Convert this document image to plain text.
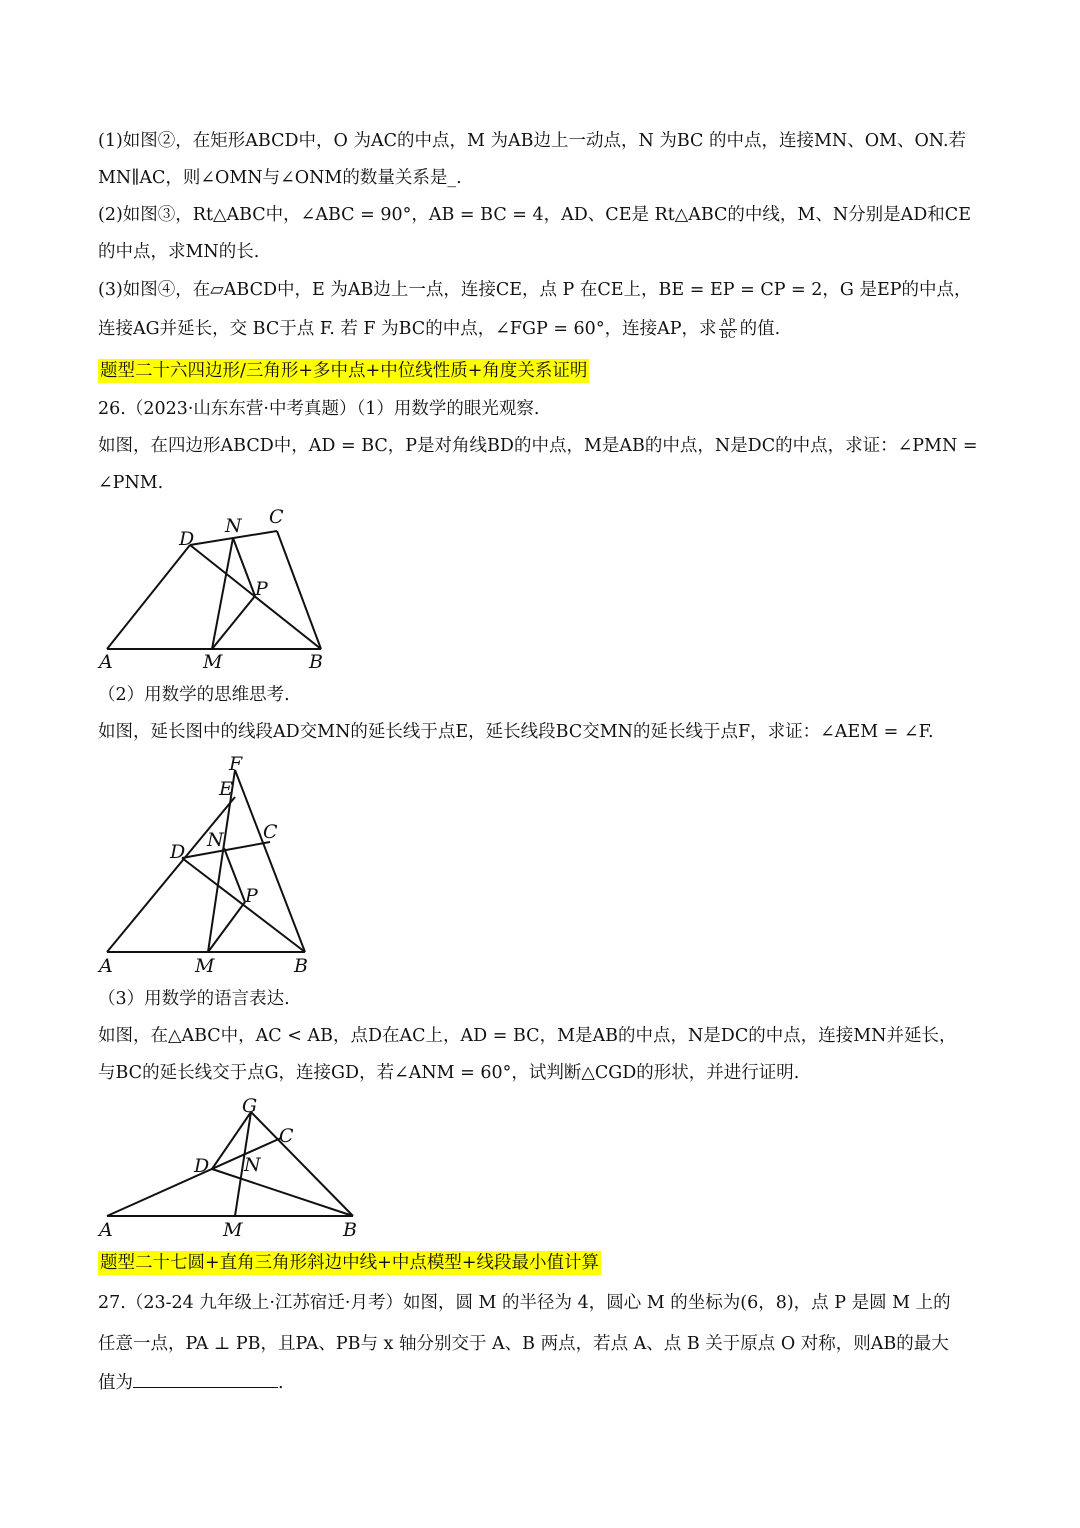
(1)如图②，在矩形ABCD中，O 为AC的中点，M 为AB边上一动点，N 为BC 的中点，连接MN、OM、ON.若
MN∥AC，则∠OMN与∠ONM的数量关系是_.
(2)如图③，Rt△ABC中，∠ABC = 90°，AB = BC = 4，AD、CE是 Rt△ABC的中线，M、N分别是AD和CE
的中点，求MN的长.
(3)如图④，在▱ABCD中，E 为AB边上一点，连接CE，点 P 在CE上，BE = EP = CP = 2，G 是EP的中点，
连接AG并延长，交 BC于点 F. 若 F 为BC的中点，∠FGP = 60°，连接AP，求 $\frac{AP}{BC}$ 的值.
题型二十六四边形/三角形+多中点+中位线性质+角度关系证明
26.（2023·山东东营·中考真题）（1）用数学的眼光观察.
如图，在四边形ABCD中，AD = BC，P是对角线BD的中点，M是AB的中点，N是DC的中点，求证：∠PMN =
∠PNM.
A	M	B
D
N C
P
（2）用数学的思维思考.
如图，延长图中的线段AD交MN的延长线于点E，延长线段BC交MN的延长线于点F，求证：∠AEM = ∠F.
F
E
C
D
N
P
A	M	B
（3）用数学的语言表达.
如图，在△ABC中，AC < AB，点D在AC上，AD = BC，M是AB的中点，N是DC的中点，连接MN并延长，
与BC的延长线交于点G，连接GD，若∠ANM = 60°，试判断△CGD的形状，并进行证明.
G
C
D N
A	M	B
题型二十七圆+直角三角形斜边中线+中点模型+线段最小值计算
27.（23-24 九年级上·江苏宿迁·月考）如图，圆 M 的半径为 4，圆心 M 的坐标为(6，8)，点 P 是圆 M 上的
任意一点，PA ⊥ PB，且PA、PB与 x 轴分别交于 A、B 两点，若点 A、点 B 关于原点 O 对称，则AB的最大
值为	.
